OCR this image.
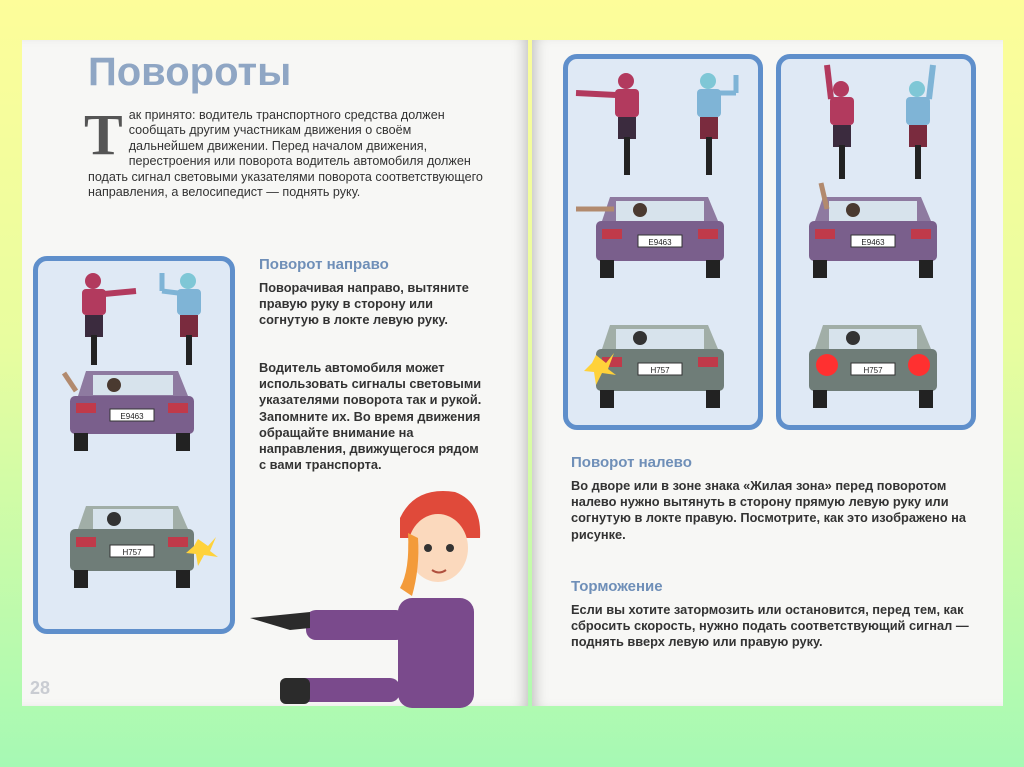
Повороты
Т ак принято: водитель транспортного средства должен сообщать другим участникам движения о своём дальнейшем движении. Перед началом движения, перестроения или поворота водитель автомобиля должен подать сигнал световыми указателями поворота соответствующего направления, а велосипедист — поднять руку.
Е9463
Н757
Поворот направо
Поворачивая направо, вытяните правую руку в сторону или согнутую в локте левую руку.
Водитель автомобиля может использовать сигналы световыми указателями поворота так и рукой. Запомните их. Во время движения обращайте внимание на направления, движущегося рядом с вами транспорта.
28
Е9463
Н757
Е9463
Н757
Поворот налево
Во дворе или в зоне знака «Жилая зона» перед поворотом налево нужно вытянуть в сторону прямую левую руку или согнутую в локте правую. Посмотрите, как это изображено на рисунке.
Торможение
Если вы хотите затормозить или остановится, перед тем, как сбросить скорость, нужно подать соответствующий сигнал — поднять вверх левую или правую руку.
